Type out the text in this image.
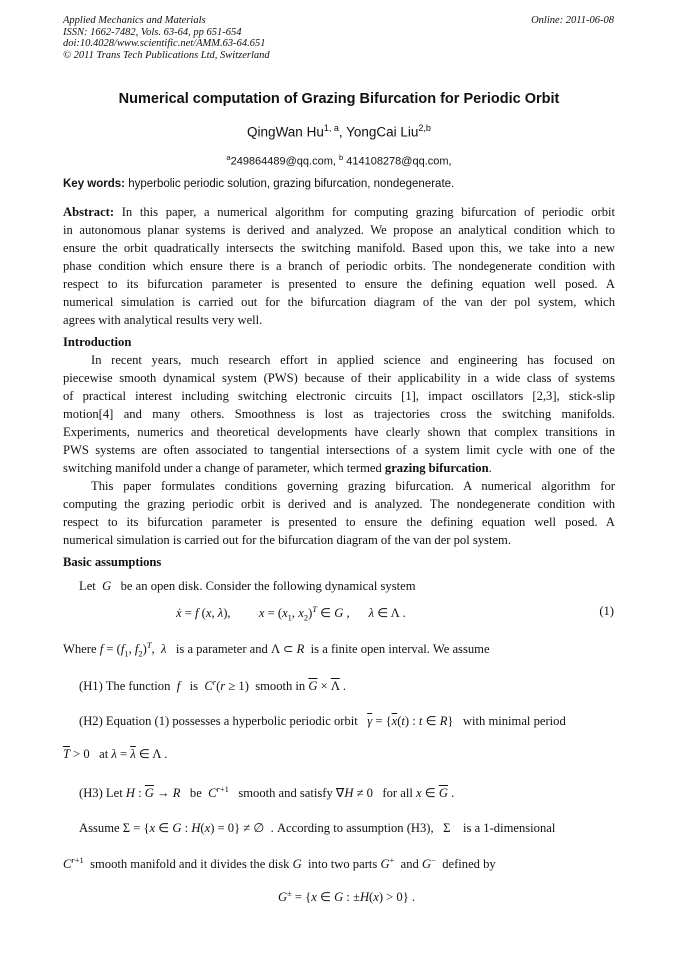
Applied Mechanics and Materials
ISSN: 1662-7482, Vols. 63-64, pp 651-654
doi:10.4028/www.scientific.net/AMM.63-64.651
© 2011 Trans Tech Publications Ltd, Switzerland
Online: 2011-06-08
Numerical computation of Grazing Bifurcation for Periodic Orbit
QingWan Hu$^{1, a}$, YongCai Liu$^{2,b}$
$^a$249864489@qq.com, $^b$ 414108278@qq.com,
Key words: hyperbolic periodic solution, grazing bifurcation, nondegenerate.
Abstract: In this paper, a numerical algorithm for computing grazing bifurcation of periodic orbit
in autonomous planar systems is derived and analyzed. We propose an analytical condition which to
ensure the orbit quadratically intersects the switching manifold. Based upon this, we take into a new
phase condition which ensure there is a branch of periodic orbits. The nondegenerate condition with
respect to its bifurcation parameter is presented to ensure the defining equation well posed. A
numerical simulation is carried out for the bifurcation diagram of the van der pol system, which
agrees with analytical results very well.
Introduction
In recent years, much research effort in applied science and engineering has focused on
piecewise smooth dynamical system (PWS) because of their applicability in a wide class of systems
of practical interest including switching electronic circuits [1], impact oscillators [2,3], stick-slip
motion[4] and many others. Smoothness is lost as trajectories cross the switching manifolds.
Experiments, numerics and theoretical developments have clearly shown that complex transitions in
PWS systems are often associated to tangential intersections of a system limit cycle with one of the
switching manifold under a change of parameter, which termed grazing bifurcation.
This paper formulates conditions governing grazing bifurcation. A numerical algorithm for
computing the grazing periodic orbit is derived and is analyzed. The nondegenerate condition with
respect to its bifurcation parameter is presented to ensure the defining equation well posed. A
numerical simulation is carried out for the bifurcation diagram of the van der pol system.
Basic assumptions
Let  G   be an open disk. Consider the following dynamical system
ẋ = f (x, λ),         $x = (x_1$, $x_2)^T$ ∈ G ,      λ ∈ Λ .	(1)
Where $f = (f_1$, $f_2)^T$,  λ   is a parameter and Λ ⊂ R  is a finite open interval. We assume
(H1) The function  f   is  $C^r(r \ge 1)$  smooth in $\overline{G} \times \overline{\Lambda}$ .
(H2) Equation (1) possesses a hyperbolic periodic orbit $\overline{\gamma} = \{\overline{x}(t)$ : t ∈ R}   with minimal period
$\overline{T} > 0$   at $\lambda = \overline{\lambda}$ ∈ Λ .
(H3) Let H : $\overline{G} \to R$   be  $C^{r+1}$   smooth and satisfy ∇H ≠ 0   for all x ∈ $\overline{G}$ .
Assume Σ = {x ∈ G : H(x) = 0} ≠ ∅  . According to assumption (H3),   Σ    is a 1-dimensional
$C^{r+1}$  smooth manifold and it divides the disk G  into two parts G+  and G−  defined by
G± = {x ∈ G : ±H(x) > 0} .
